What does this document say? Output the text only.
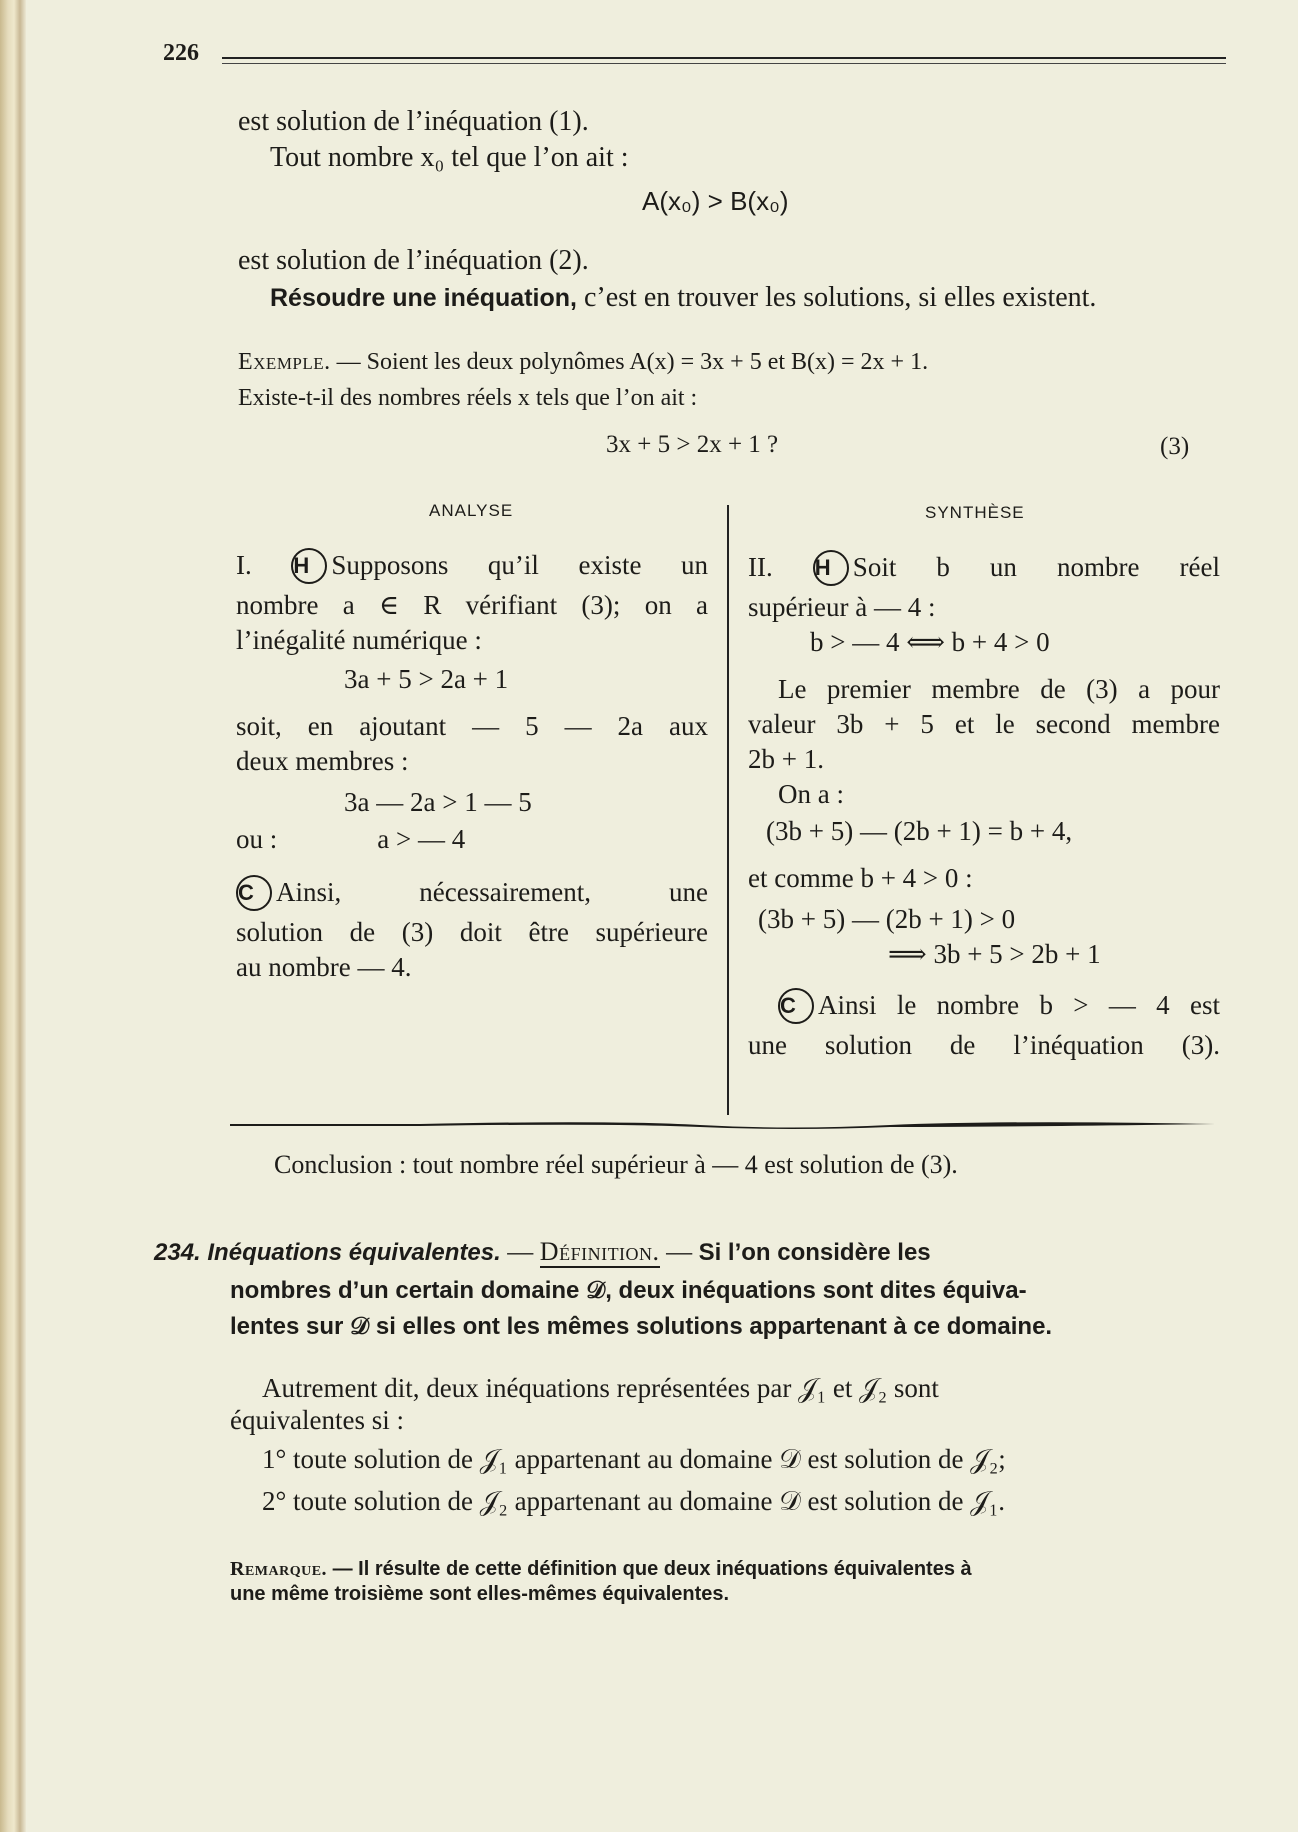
226
est solution de l’inéquation (1).
Tout nombre x₀ tel que l’on ait :
A(x₀) > B(x₀)
est solution de l’inéquation (2).
Résoudre une inéquation, c’est en trouver les solutions, si elles existent.
Exemple. — Soient les deux polynômes A(x) = 3x + 5 et B(x) = 2x + 1.
Existe-t-il des nombres réels x tels que l’on ait :
3x + 5 > 2x + 1 ?	(3)
ANALYSE	SYNTHÈSE
I. H Supposons qu’il existe un
nombre a ∈ R vérifiant (3); on a
l’inégalité numérique :
3a + 5 > 2a + 1
soit, en ajoutant — 5 — 2a aux
deux membres :
3a — 2a > 1 — 5
ou :	a > — 4
C Ainsi, nécessairement, une
solution de (3) doit être supérieure
au nombre — 4.
II. H Soit b un nombre réel
supérieur à — 4 :
b > — 4 ⟺ b + 4 > 0
Le premier membre de (3) a pour
valeur 3b + 5 et le second membre
2b + 1.
On a :
(3b + 5) — (2b + 1) = b + 4,
et comme b + 4 > 0 :
(3b + 5) — (2b + 1) > 0
⟹ 3b + 5 > 2b + 1
C Ainsi le nombre b > — 4 est
une solution de l’inéquation (3).
Conclusion : tout nombre réel supérieur à — 4 est solution de (3).
234. Inéquations équivalentes. — Définition. — Si l’on considère les
nombres d’un certain domaine 𝒟, deux inéquations sont dites équiva-
lentes sur 𝒟 si elles ont les mêmes solutions appartenant à ce domaine.
Autrement dit, deux inéquations représentées par 𝒥₁ et 𝒥₂ sont
équivalentes si :
1° toute solution de 𝒥₁ appartenant au domaine 𝒟 est solution de 𝒥₂;
2° toute solution de 𝒥₂ appartenant au domaine 𝒟 est solution de 𝒥₁.
Remarque. — Il résulte de cette définition que deux inéquations équivalentes à
une même troisième sont elles-mêmes équivalentes.
